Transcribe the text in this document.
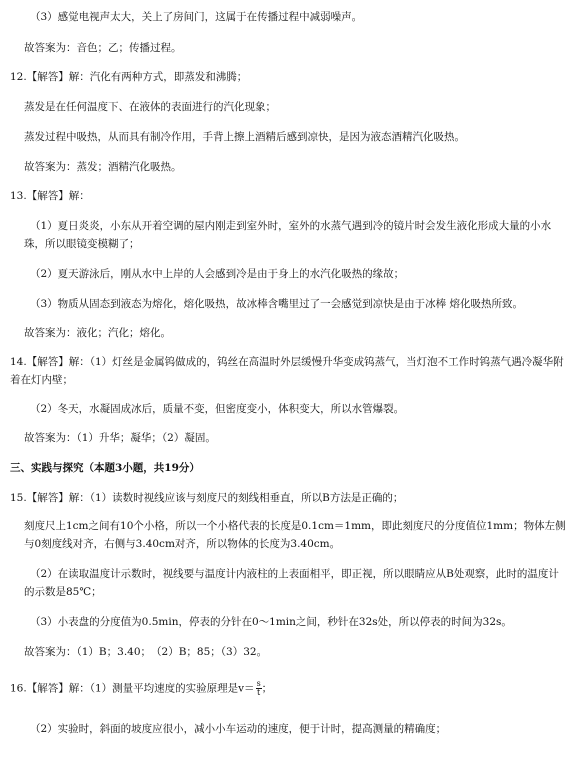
（3）感觉电视声太大，关上了房间门，这属于在传播过程中减弱噪声。
故答案为：音色；乙；传播过程。
12.【解答】解：汽化有两种方式，即蒸发和沸腾；
蒸发是在任何温度下、在液体的表面进行的汽化现象；
蒸发过程中吸热，从而具有制冷作用，手背上擦上酒精后感到凉快，是因为液态酒精汽化吸热。
故答案为：蒸发；酒精汽化吸热。
13.【解答】解：
（1）夏日炎炎，小东从开着空调的屋内刚走到室外时，室外的水蒸气遇到冷的镜片时会发生液化形成大量的小水珠，所以眼镜变模糊了；
（2）夏天游泳后，刚从水中上岸的人会感到冷是由于身上的水汽化吸热的缘故；
（3）物质从固态到液态为熔化，熔化吸热，故冰棒含嘴里过了一会感觉到凉快是由于冰棒 熔化吸热所致。
故答案为：液化；汽化；熔化。
14.【解答】解：（1）灯丝是金属钨做成的，钨丝在高温时外层缓慢升华变成钨蒸气，当灯泡不工作时钨蒸气遇冷凝华附着在灯内壁；
（2）冬天，水凝固成冰后，质量不变，但密度变小，体积变大，所以水管爆裂。
故答案为：（1）升华；凝华；（2）凝固。
三、实践与探究（本题3小题，共19分）
15.【解答】解：（1）读数时视线应该与刻度尺的刻线相垂直，所以B方法是正确的；
刻度尺上1cm之间有10个小格，所以一个小格代表的长度是0.1cm＝1mm，即此刻度尺的分度值位1mm；物体左侧与0刻度线对齐，右侧与3.40cm对齐，所以物体的长度为3.40cm。
（2）在读取温度计示数时，视线要与温度计内液柱的上表面相平，即正视，所以眼睛应从B处观察，此时的温度计的示数是85℃；
（3）小表盘的分度值为0.5min，停表的分针在0～1min之间，秒针在32s处，所以停表的时间为32s。
故答案为：（1）B；3.40；　（2）B；85；（3）32。
16.【解答】解：（1）测量平均速度的实验原理是$v= \frac{s}{t}$ ；
（2）实验时，斜面的坡度应很小，减小小车运动的速度，便于计时，提高测量的精确度；
